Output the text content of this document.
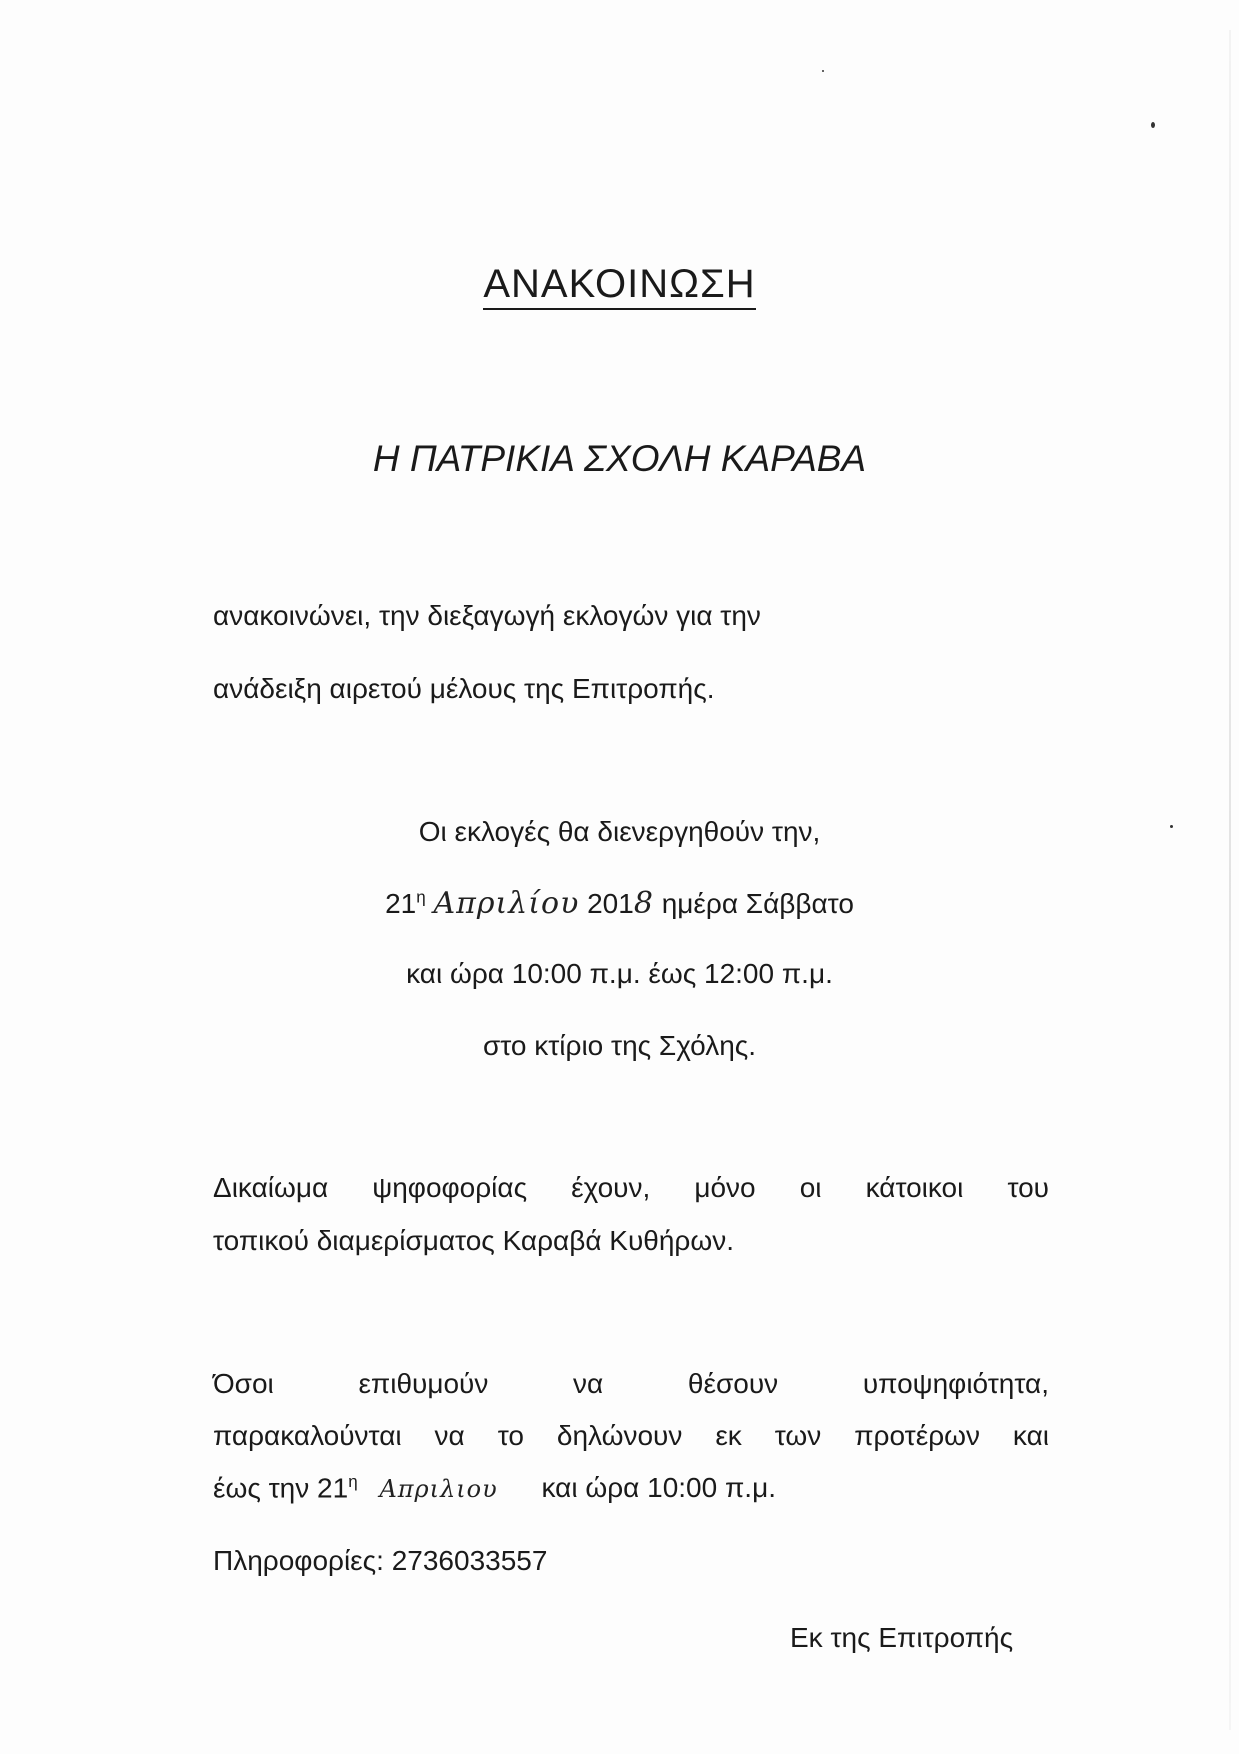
ΑΝΑΚΟΙΝΩΣΗ
Η ΠΑΤΡΙΚΙΑ ΣΧΟΛΗ ΚΑΡΑΒΑ
ανακοινώνει, την διεξαγωγή εκλογών για την
ανάδειξη αιρετού μέλους της Επιτροπής.
Οι εκλογές θα διενεργηθούν την,
$21^\eta$ Απριλίου 2018 ημέρα Σάββατο
και ώρα 10:00 π.μ. έως 12:00 π.μ.
στο κτίριο της Σχόλης.
Δικαίωμα ψηφοφορίας έχουν, μόνο οι κάτοικοι του
τοπικού διαμερίσματος Καραβά Κυθήρων.
Όσοι επιθυμούν να θέσουν υποψηφιότητα,
παρακαλούνται να το δηλώνουν εκ των προτέρων και
έως την $21^\eta$ Απριλιου και ώρα 10:00 π.μ.
Πληροφορίες: 2736033557
Εκ της Επιτροπής
